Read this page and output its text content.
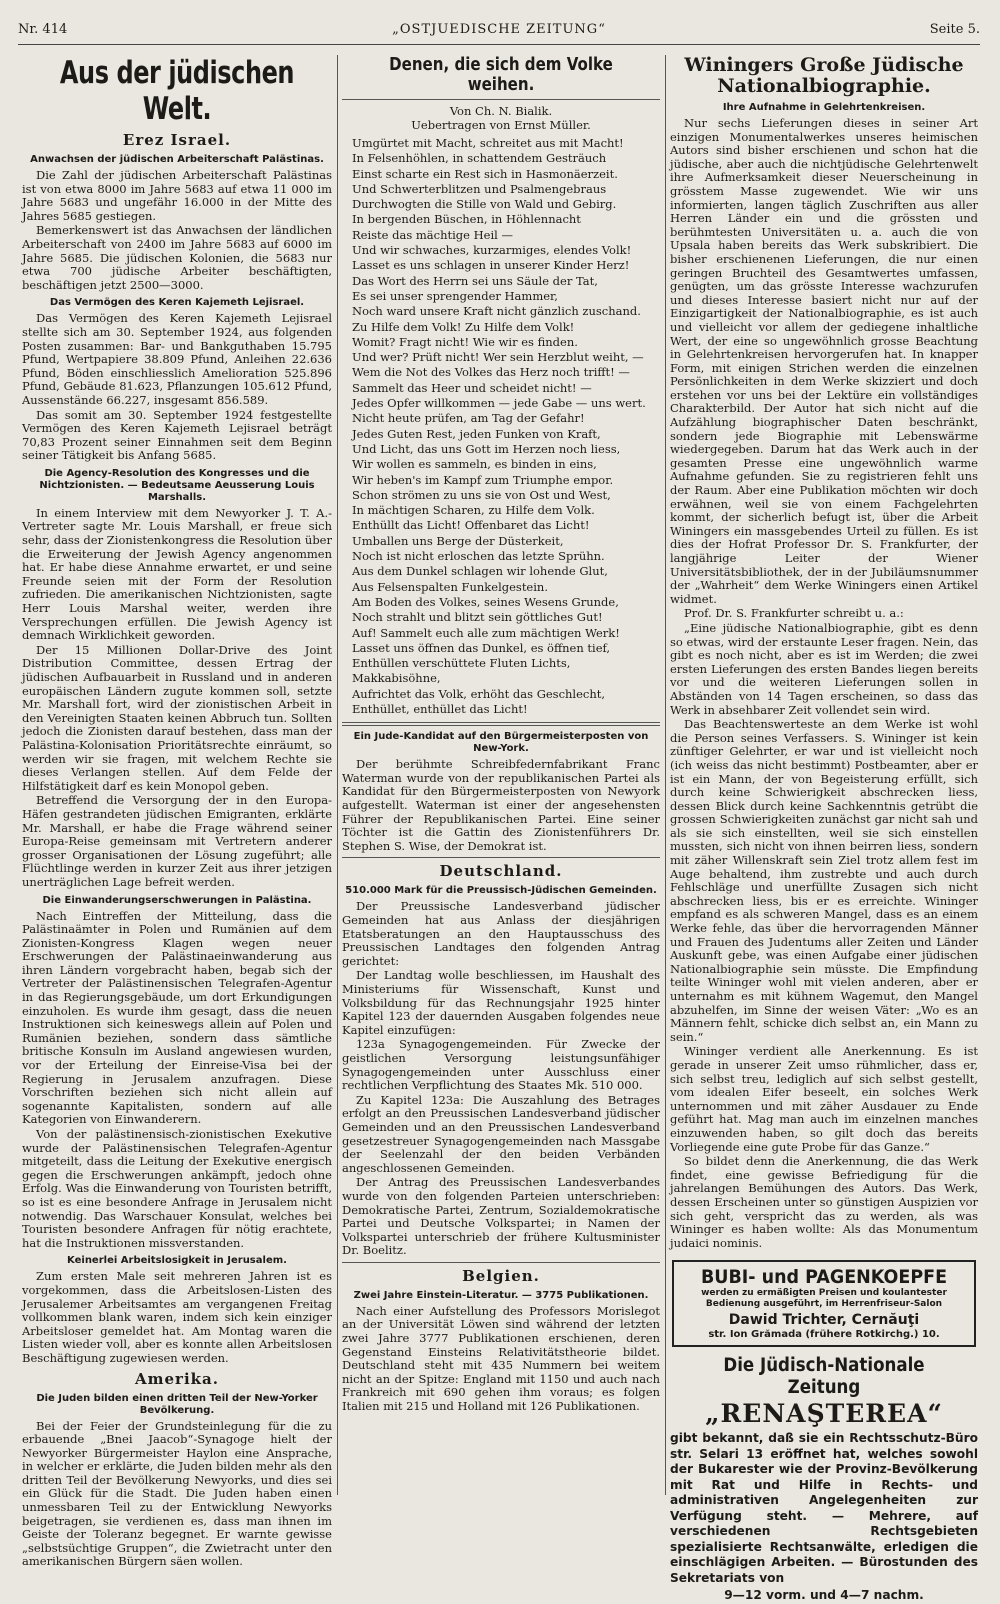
Nr. 414	„OSTJUEDISCHE ZEITUNG“	Seite 5.
Aus der jüdischen Welt.
Erez Israel.
Anwachsen der jüdischen Arbeiterschaft Palästinas.

Die Zahl der jüdischen Arbeiterschaft Palästinas ist von etwa 8000 im Jahre 5683 auf etwa 11 000 im Jahre 5683 und ungefähr 16.000 in der Mitte des Jahres 5685 gestiegen.

Bemerkenswert ist das Anwachsen der ländlichen Arbeiterschaft von 2400 im Jahre 5683 auf 6000 im Jahre 5685. Die jüdischen Kolonien, die 5683 nur etwa 700 jüdische Arbeiter beschäftigten, beschäftigen jetzt 2500—3000.

Das Vermögen des Keren Kajemeth Lejisrael.

Das Vermögen des Keren Kajemeth Lejisrael stellte sich am 30. September 1924, aus folgenden Posten zusammen: Bar- und Bankguthaben 15.795 Pfund, Wertpapiere 38.809 Pfund, Anleihen 22.636 Pfund, Böden einschliesslich Amelioration 525.896 Pfund, Gebäude 81.623, Pflanzungen 105.612 Pfund, Aussenstände 66.227, insgesamt 856.589.

Das somit am 30. September 1924 festgestellte Vermögen des Keren Kajemeth Lejisrael beträgt 70,83 Prozent seiner Einnahmen seit dem Beginn seiner Tätigkeit bis Anfang 5685.

Die Agency-Resolution des Kongresses und die Nichtzionisten. — Bedeutsame Aeusserung Louis Marshalls.

In einem Interview mit dem Newyorker J. T. A.-Vertreter sagte Mr. Louis Marshall, er freue sich sehr, dass der Zionistenkongress die Resolution über die Erweiterung der Jewish Agency angenommen hat. Er habe diese Annahme erwartet, er und seine Freunde seien mit der Form der Resolution zufrieden. Die amerikanischen Nichtzionisten, sagte Herr Louis Marshal weiter, werden ihre Versprechungen erfüllen. Die Jewish Agency ist demnach Wirklichkeit geworden.

Der 15 Millionen Dollar-Drive des Joint Distribution Committee, dessen Ertrag der jüdischen Aufbauarbeit in Russland und in anderen europäischen Ländern zugute kommen soll, setzte Mr. Marshall fort, wird der zionistischen Arbeit in den Vereinigten Staaten keinen Abbruch tun. Sollten jedoch die Zionisten darauf bestehen, dass man der Palästina-Kolonisation Prioritätsrechte einräumt, so werden wir sie fragen, mit welchem Rechte sie dieses Verlangen stellen. Auf dem Felde der Hilfstätigkeit darf es kein Monopol geben.

Betreffend die Versorgung der in den Europa-Häfen gestrandeten jüdischen Emigranten, erklärte Mr. Marshall, er habe die Frage während seiner Europa-Reise gemeinsam mit Vertretern anderer grosser Organisationen der Lösung zugeführt; alle Flüchtlinge werden in kurzer Zeit aus ihrer jetzigen unerträglichen Lage befreit werden.

Die Einwanderungserschwerungen in Palästina.

Nach Eintreffen der Mitteilung, dass die Palästinaämter in Polen und Rumänien auf dem Zionisten-Kongress Klagen wegen neuer Erschwerungen der Palästinaeinwanderung aus ihren Ländern vorgebracht haben, begab sich der Vertreter der Palästinensischen Telegrafen-Agentur in das Regierungsgebäude, um dort Erkundigungen einzuholen. Es wurde ihm gesagt, dass die neuen Instruktionen sich keineswegs allein auf Polen und Rumänien beziehen, sondern dass sämtliche britische Konsuln im Ausland angewiesen wurden, vor der Erteilung der Einreise-Visa bei der Regierung in Jerusalem anzufragen. Diese Vorschriften beziehen sich nicht allein auf sogenannte Kapitalisten, sondern auf alle Kategorien von Einwanderern.

Von der palästinensisch-zionistischen Exekutive wurde der Palästinensischen Telegrafen-Agentur mitgeteilt, dass die Leitung der Exekutive energisch gegen die Erschwerungen ankämpft, jedoch ohne Erfolg. Was die Einwanderung von Touristen betrifft, so ist es eine besondere Anfrage in Jerusalem nicht notwendig. Das Warschauer Konsulat, welches bei Touristen besondere Anfragen für nötig erachtete, hat die Instruktionen missverstanden.

Keinerlei Arbeitslosigkeit in Jerusalem.

Zum ersten Male seit mehreren Jahren ist es vorgekommen, dass die Arbeitslosen-Listen des Jerusalemer Arbeitsamtes am vergangenen Freitag vollkommen blank waren, indem sich kein einziger Arbeitsloser gemeldet hat. Am Montag waren die Listen wieder voll, aber es konnte allen Arbeitslosen Beschäftigung zugewiesen werden.

Amerika.
Die Juden bilden einen dritten Teil der New-Yorker Bevölkerung.

Bei der Feier der Grundsteinlegung für die zu erbauende „Bnei Jaacob“-Synagoge hielt der Newyorker Bürgermeister Haylon eine Ansprache, in welcher er erklärte, die Juden bilden mehr als den dritten Teil der Bevölkerung Newyorks, und dies sei ein Glück für die Stadt. Die Juden haben einen unmessbaren Teil zu der Entwicklung Newyorks beigetragen, sie verdienen es, dass man ihnen im Geiste der Toleranz begegnet. Er warnte gewisse „selbstsüchtige Gruppen“, die Zwietracht unter den amerikanischen Bürgern säen wollen.

Denen, die sich dem Volke weihen.
Von Ch. N. Bialik.
Uebertragen von Ernst Müller.
Umgürtet mit Macht, schreitet aus mit Macht!
In Felsenhöhlen, in schattendem Gesträuch
Einst scharte ein Rest sich in Hasmonäerzeit.
Und Schwerterblitzen und Psalmengebraus
Durchwogten die Stille von Wald und Gebirg.
In bergenden Büschen, in Höhlennacht
Reiste das mächtige Heil —
Und wir schwaches, kurzarmiges, elendes Volk!
Lasset es uns schlagen in unserer Kinder Herz!
Das Wort des Herrn sei uns Säule der Tat,
Es sei unser sprengender Hammer,
Noch ward unsere Kraft nicht gänzlich zuschand.
Zu Hilfe dem Volk! Zu Hilfe dem Volk!
Womit? Fragt nicht! Wie wir es finden.
Und wer? Prüft nicht! Wer sein Herzblut weiht, —
Wem die Not des Volkes das Herz noch trifft! —
Sammelt das Heer und scheidet nicht! —
Jedes Opfer willkommen — jede Gabe — uns wert.
Nicht heute prüfen, am Tag der Gefahr!
Jedes Guten Rest, jeden Funken von Kraft,
Und Licht, das uns Gott im Herzen noch liess,
Wir wollen es sammeln, es binden in eins,
Wir heben's im Kampf zum Triumphe empor.
Schon strömen zu uns sie von Ost und West,
In mächtigen Scharen, zu Hilfe dem Volk.
Enthüllt das Licht! Offenbaret das Licht!
Umballen uns Berge der Düsterkeit,
Noch ist nicht erloschen das letzte Sprühn.
Aus dem Dunkel schlagen wir lohende Glut,
Aus Felsenspalten Funkelgestein.
Am Boden des Volkes, seines Wesens Grunde,
Noch strahlt und blitzt sein göttliches Gut!
Auf! Sammelt euch alle zum mächtigen Werk!
Lasset uns öffnen das Dunkel, es öffnen tief,
Enthüllen verschüttete Fluten Lichts,
Makkabisöhne,
Aufrichtet das Volk, erhöht das Geschlecht,
Enthüllet, enthüllet das Licht!
Ein Jude-Kandidat auf den Bürgermeisterposten von New-York.

Der berühmte Schreibfedernfabrikant Franc Waterman wurde von der republikanischen Partei als Kandidat für den Bürgermeisterposten von Newyork aufgestellt. Waterman ist einer der angesehensten Führer der Republikanischen Partei. Eine seiner Töchter ist die Gattin des Zionistenführers Dr. Stephen S. Wise, der Demokrat ist.

Deutschland.
510.000 Mark für die Preussisch-Jüdischen Gemeinden.

Der Preussische Landesverband jüdischer Gemeinden hat aus Anlass der diesjährigen Etatsberatungen an den Hauptausschuss des Preussischen Landtages den folgenden Antrag gerichtet:

Der Landtag wolle beschliessen, im Haushalt des Ministeriums für Wissenschaft, Kunst und Volksbildung für das Rechnungsjahr 1925 hinter Kapitel 123 der dauernden Ausgaben folgendes neue Kapitel einzufügen:

123a Synagogengemeinden. Für Zwecke der geistlichen Versorgung leistungsunfähiger Synagogengemeinden unter Ausschluss einer rechtlichen Verpflichtung des Staates Mk. 510 000.

Zu Kapitel 123a: Die Auszahlung des Betrages erfolgt an den Preussischen Landesverband jüdischer Gemeinden und an den Preussischen Landesverband gesetzestreuer Synagogengemeinden nach Massgabe der Seelenzahl der den beiden Verbänden angeschlossenen Gemeinden.

Der Antrag des Preussischen Landesverbandes wurde von den folgenden Parteien unterschrieben: Demokratische Partei, Zentrum, Sozialdemokratische Partei und Deutsche Volkspartei; in Namen der Volkspartei unterschrieb der frühere Kultusminister Dr. Boelitz.

Belgien.
Zwei Jahre Einstein-Literatur. — 3775 Publikationen.

Nach einer Aufstellung des Professors Morislegot an der Universität Löwen sind während der letzten zwei Jahre 3777 Publikationen erschienen, deren Gegenstand Einsteins Relativitätstheorie bildet. Deutschland steht mit 435 Nummern bei weitem nicht an der Spitze: England mit 1150 und auch nach Frankreich mit 690 gehen ihm voraus; es folgen Italien mit 215 und Holland mit 126 Publikationen.

Winingers Große Jüdische
Nationalbiographie.
Ihre Aufnahme in Gelehrtenkreisen.

Nur sechs Lieferungen dieses in seiner Art einzigen Monumentalwerkes unseres heimischen Autors sind bisher erschienen und schon hat die jüdische, aber auch die nichtjüdische Gelehrtenwelt ihre Aufmerksamkeit dieser Neuerscheinung in grösstem Masse zugewendet. Wie wir uns informierten, langen täglich Zuschriften aus aller Herren Länder ein und die grössten und berühmtesten Universitäten u. a. auch die von Upsala haben bereits das Werk subskribiert. Die bisher erschienenen Lieferungen, die nur einen geringen Bruchteil des Gesamtwertes umfassen, genügten, um das grösste Interesse wachzurufen und dieses Interesse basiert nicht nur auf der Einzigartigkeit der Nationalbiographie, es ist auch und vielleicht vor allem der gediegene inhaltliche Wert, der eine so ungewöhnlich grosse Beachtung in Gelehrtenkreisen hervorgerufen hat. In knapper Form, mit einigen Strichen werden die einzelnen Persönlichkeiten in dem Werke skizziert und doch erstehen vor uns bei der Lektüre ein vollständiges Charakterbild. Der Autor hat sich nicht auf die Aufzählung biographischer Daten beschränkt, sondern jede Biographie mit Lebenswärme wiedergegeben. Darum hat das Werk auch in der gesamten Presse eine ungewöhnlich warme Aufnahme gefunden. Sie zu registrieren fehlt uns der Raum. Aber eine Publikation möchten wir doch erwähnen, weil sie von einem Fachgelehrten kommt, der sicherlich befugt ist, über die Arbeit Winingers ein massgebendes Urteil zu füllen. Es ist dies der Hofrat Professor Dr. S. Frankfurter, der langjährige Leiter der Wiener Universitätsbibliothek, der in der Jubiläumsnummer der „Wahrheit“ dem Werke Winingers einen Artikel widmet.

Prof. Dr. S. Frankfurter schreibt u. a.:

„Eine jüdische Nationalbiographie, gibt es denn so etwas, wird der erstaunte Leser fragen. Nein, das gibt es noch nicht, aber es ist im Werden; die zwei ersten Lieferungen des ersten Bandes liegen bereits vor und die weiteren Lieferungen sollen in Abständen von 14 Tagen erscheinen, so dass das Werk in absehbarer Zeit vollendet sein wird.

Das Beachtenswerteste an dem Werke ist wohl die Person seines Verfassers. S. Wininger ist kein zünftiger Gelehrter, er war und ist vielleicht noch (ich weiss das nicht bestimmt) Postbeamter, aber er ist ein Mann, der von Begeisterung erfüllt, sich durch keine Schwierigkeit abschrecken liess, dessen Blick durch keine Sachkenntnis getrübt die grossen Schwierigkeiten zunächst gar nicht sah und als sie sich einstellten, weil sie sich einstellen mussten, sich nicht von ihnen beirren liess, sondern mit zäher Willenskraft sein Ziel trotz allem fest im Auge behaltend, ihm zustrebte und auch durch Fehlschläge und unerfüllte Zusagen sich nicht abschrecken liess, bis er es erreichte. Wininger empfand es als schweren Mangel, dass es an einem Werke fehle, das über die hervorragenden Männer und Frauen des Judentums aller Zeiten und Länder Auskunft gebe, was einen Aufgabe einer jüdischen Nationalbiographie sein müsste. Die Empfindung teilte Wininger wohl mit vielen anderen, aber er unternahm es mit kühnem Wagemut, den Mangel abzuhelfen, im Sinne der weisen Väter: „Wo es an Männern fehlt, schicke dich selbst an, ein Mann zu sein.“

Wininger verdient alle Anerkennung. Es ist gerade in unserer Zeit umso rühmlicher, dass er, sich selbst treu, lediglich auf sich selbst gestellt, vom idealen Eifer beseelt, ein solches Werk unternommen und mit zäher Ausdauer zu Ende geführt hat. Mag man auch im einzelnen manches einzuwenden haben, so gilt doch das bereits Vorliegende eine gute Probe für das Ganze.“

So bildet denn die Anerkennung, die das Werk findet, eine gewisse Befriedigung für die jahrelangen Bemühungen des Autors. Das Werk, dessen Erscheinen unter so günstigen Auspizien vor sich geht, verspricht das zu werden, als was Wininger es haben wollte: Als das Monumentum judaici nominis.

BUBI- und PAGENKOEPFE
werden zu ermäßigten Preisen und koulantester
Bedienung ausgeführt, im Herrenfriseur-Salon
Dawid Trichter, Cernăuţi
str. Ion Grămada (frühere Rotkirchg.) 10.
Die Jüdisch-Nationale Zeitung
„RENAŞTEREA“
gibt bekannt, daß sie ein Rechtsschutz-Büro str. Selari 13 eröffnet hat, welches sowohl der Bukarester wie der Provinz-Bevölkerung mit Rat und Hilfe in Rechts- und administrativen Angelegenheiten zur Verfügung steht. — Mehrere, auf verschiedenen Rechtsgebieten spezialisierte Rechtsanwälte, erledigen die einschlägigen Arbeiten. — Bürostunden des Sekretariats von
9—12 vorm. und 4—7 nachm.
